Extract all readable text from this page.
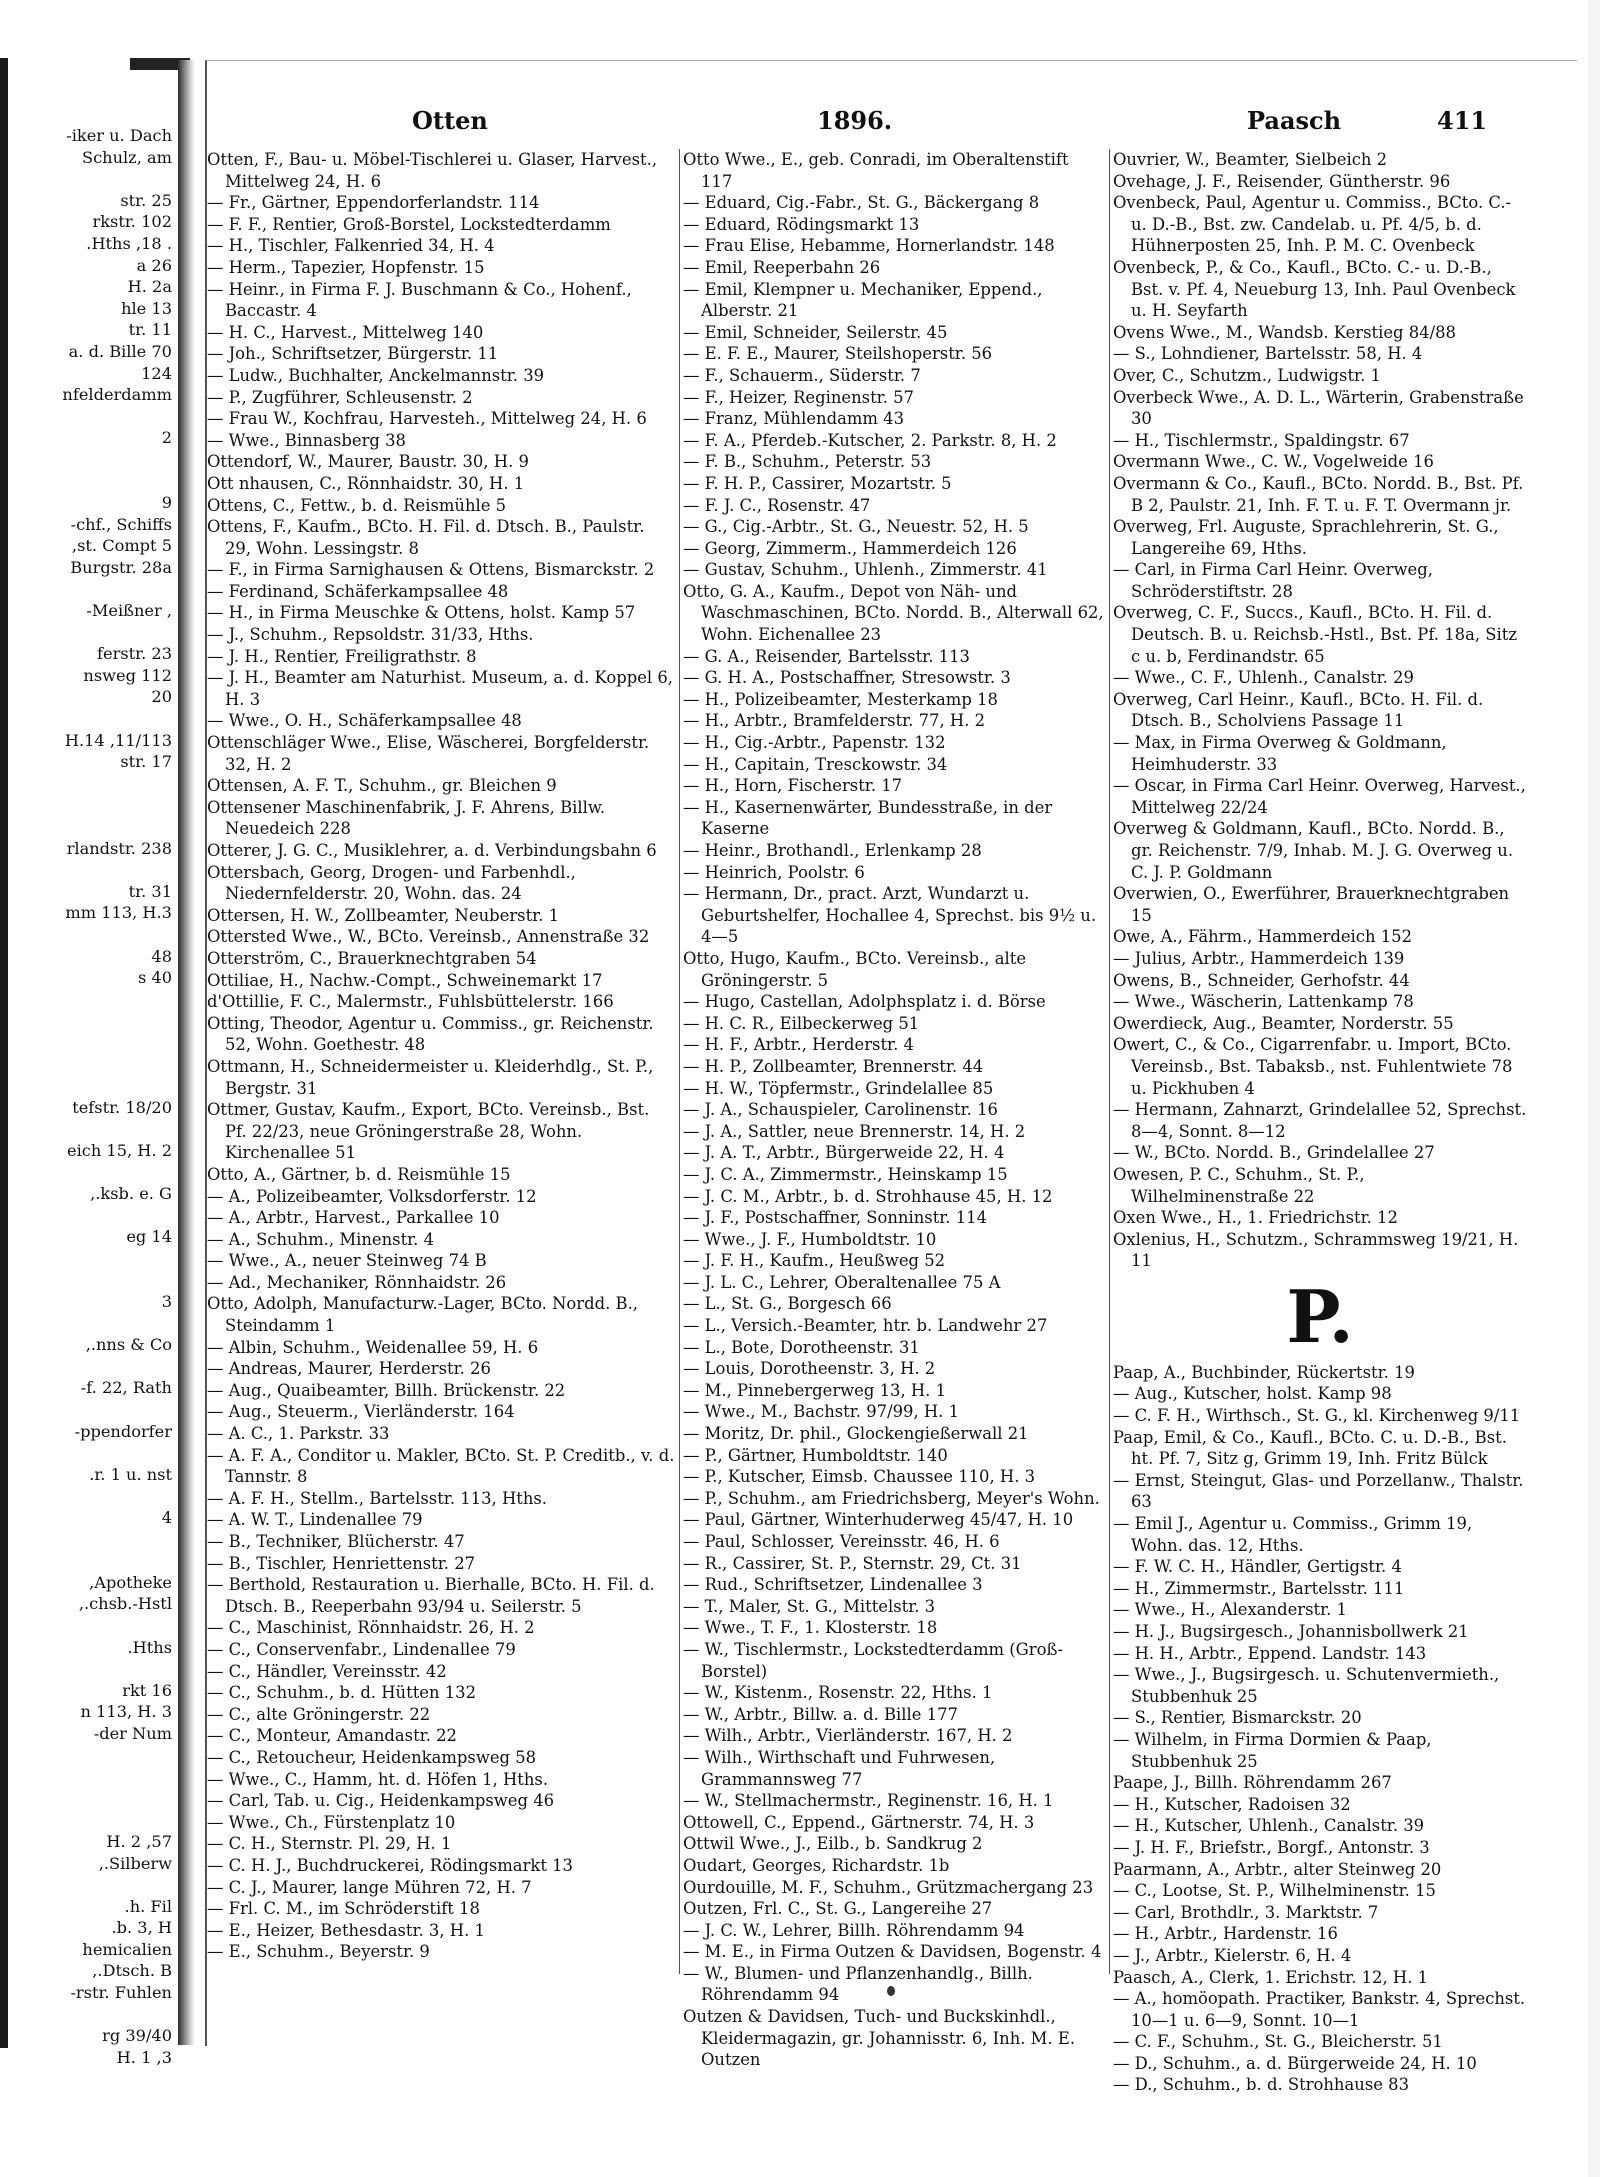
iker u. Dach-
Schulz, am

str. 25
rkstr. 102
. 18, Hths.
26 a
H. 2a
hle 13
tr. 11
a. d. Bille 70
124
nfelderdamm

2

9
chf., Schiffs-
st. Compt 5,
Burgstr. 28a

, Meißner-

ferstr. 23
nsweg 112
20

11/113, H.14
str. 17

rlandstr. 238

tr. 31
mm 113, H.3

48
s 40

tefstr. 18/20

eich 15, H. 2

ksb. e. G.,

eg 14

3

nns & Co.,

f. 22, Rath-

ppendorfer-

r. 1 u. nst.

4

Apotheke,
chsb.-Hstl.,

Hths.

rkt 16
n 113, H. 3
der Num-

57, H. 2
Silberw.,

h. Fil.
b. 3, H.
hemicalien
Dtsch. B.,
rstr. Fuhlen-

rg 39/40
3, H. 1
Otten	1896.	Paasch	411

Otten, F., Bau- u. Möbel-Tischlerei u. Glaser, Harvest., Mittelweg 24, H. 6

— Fr., Gärtner, Eppendorferlandstr. 114

— F. F., Rentier, Groß-Borstel, Lockstedterdamm

— H., Tischler, Falkenried 34, H. 4

— Herm., Tapezier, Hopfenstr. 15

— Heinr., in Firma F. J. Buschmann & Co., Hohenf., Baccastr. 4

— H. C., Harvest., Mittelweg 140

— Joh., Schriftsetzer, Bürgerstr. 11

— Ludw., Buchhalter, Anckelmannstr. 39

— P., Zugführer, Schleusenstr. 2

— Frau W., Kochfrau, Harvesteh., Mittelweg 24, H. 6

— Wwe., Binnasberg 38

Ottendorf, W., Maurer, Baustr. 30, H. 9

Ott nhausen, C., Rönnhaidstr. 30, H. 1

Ottens, C., Fettw., b. d. Reismühle 5

Ottens, F., Kaufm., BCto. H. Fil. d. Dtsch. B., Paulstr. 29, Wohn. Lessingstr. 8

— F., in Firma Sarnighausen & Ottens, Bismarckstr. 2

— Ferdinand, Schäferkampsallee 48

— H., in Firma Meuschke & Ottens, holst. Kamp 57

— J., Schuhm., Repsoldstr. 31/33, Hths.

— J. H., Rentier, Freiligrathstr. 8

— J. H., Beamter am Naturhist. Museum, a. d. Koppel 6, H. 3

— Wwe., O. H., Schäferkampsallee 48

Ottenschläger Wwe., Elise, Wäscherei, Borgfelderstr. 32, H. 2

Ottensen, A. F. T., Schuhm., gr. Bleichen 9

Ottensener Maschinenfabrik, J. F. Ahrens, Billw. Neuedeich 228

Otterer, J. G. C., Musiklehrer, a. d. Verbindungsbahn 6

Ottersbach, Georg, Drogen- und Farbenhdl., Niedernfelderstr. 20, Wohn. das. 24

Ottersen, H. W., Zollbeamter, Neuberstr. 1

Ottersted Wwe., W., BCto. Vereinsb., Annenstraße 32

Otterström, C., Brauerknechtgraben 54

Ottiliae, H., Nachw.-Compt., Schweinemarkt 17

d'Ottillie, F. C., Malermstr., Fuhlsbüttelerstr. 166

Otting, Theodor, Agentur u. Commiss., gr. Reichenstr. 52, Wohn. Goethestr. 48

Ottmann, H., Schneidermeister u. Kleiderhdlg., St. P., Bergstr. 31

Ottmer, Gustav, Kaufm., Export, BCto. Vereinsb., Bst. Pf. 22/23, neue Gröningerstraße 28, Wohn. Kirchenallee 51

Otto, A., Gärtner, b. d. Reismühle 15

— A., Polizeibeamter, Volksdorferstr. 12

— A., Arbtr., Harvest., Parkallee 10

— A., Schuhm., Minenstr. 4

— Wwe., A., neuer Steinweg 74 B

— Ad., Mechaniker, Rönnhaidstr. 26

Otto, Adolph, Manufacturw.-Lager, BCto. Nordd. B., Steindamm 1

— Albin, Schuhm., Weidenallee 59, H. 6

— Andreas, Maurer, Herderstr. 26

— Aug., Quaibeamter, Billh. Brückenstr. 22

— Aug., Steuerm., Vierländerstr. 164

— A. C., 1. Parkstr. 33

— A. F. A., Conditor u. Makler, BCto. St. P. Creditb., v. d. Tannstr. 8

— A. F. H., Stellm., Bartelsstr. 113, Hths.

— A. W. T., Lindenallee 79

— B., Techniker, Blücherstr. 47

— B., Tischler, Henriettenstr. 27

— Berthold, Restauration u. Bierhalle, BCto. H. Fil. d. Dtsch. B., Reeperbahn 93/94 u. Seilerstr. 5

— C., Maschinist, Rönnhaidstr. 26, H. 2

— C., Conservenfabr., Lindenallee 79

— C., Händler, Vereinsstr. 42

— C., Schuhm., b. d. Hütten 132

— C., alte Gröningerstr. 22

— C., Monteur, Amandastr. 22

— C., Retoucheur, Heidenkampsweg 58

— Wwe., C., Hamm, ht. d. Höfen 1, Hths.

— Carl, Tab. u. Cig., Heidenkampsweg 46

— Wwe., Ch., Fürstenplatz 10

— C. H., Sternstr. Pl. 29, H. 1

— C. H. J., Buchdruckerei, Rödingsmarkt 13

— C. J., Maurer, lange Mühren 72, H. 7

— Frl. C. M., im Schröderstift 18

— E., Heizer, Bethesdastr. 3, H. 1

— E., Schuhm., Beyerstr. 9

Otto Wwe., E., geb. Conradi, im Oberaltenstift 117

— Eduard, Cig.-Fabr., St. G., Bäckergang 8

— Eduard, Rödingsmarkt 13

— Frau Elise, Hebamme, Hornerlandstr. 148

— Emil, Reeperbahn 26

— Emil, Klempner u. Mechaniker, Eppend., Alberstr. 21

— Emil, Schneider, Seilerstr. 45

— E. F. E., Maurer, Steilshoperstr. 56

— F., Schauerm., Süderstr. 7

— F., Heizer, Reginenstr. 57

— Franz, Mühlendamm 43

— F. A., Pferdeb.-Kutscher, 2. Parkstr. 8, H. 2

— F. B., Schuhm., Peterstr. 53

— F. H. P., Cassirer, Mozartstr. 5

— F. J. C., Rosenstr. 47

— G., Cig.-Arbtr., St. G., Neuestr. 52, H. 5

— Georg, Zimmerm., Hammerdeich 126

— Gustav, Schuhm., Uhlenh., Zimmerstr. 41

Otto, G. A., Kaufm., Depot von Näh- und Waschmaschinen, BCto. Nordd. B., Alterwall 62, Wohn. Eichenallee 23

— G. A., Reisender, Bartelsstr. 113

— G. H. A., Postschaffner, Stresowstr. 3

— H., Polizeibeamter, Mesterkamp 18

— H., Arbtr., Bramfelderstr. 77, H. 2

— H., Cig.-Arbtr., Papenstr. 132

— H., Capitain, Tresckowstr. 34

— H., Horn, Fischerstr. 17

— H., Kasernenwärter, Bundesstraße, in der Kaserne

— Heinr., Brothandl., Erlenkamp 28

— Heinrich, Poolstr. 6

— Hermann, Dr., pract. Arzt, Wundarzt u. Geburtshelfer, Hochallee 4, Sprechst. bis 9½ u. 4—5

Otto, Hugo, Kaufm., BCto. Vereinsb., alte Gröningerstr. 5

— Hugo, Castellan, Adolphsplatz i. d. Börse

— H. C. R., Eilbeckerweg 51

— H. F., Arbtr., Herderstr. 4

— H. P., Zollbeamter, Brennerstr. 44

— H. W., Töpfermstr., Grindelallee 85

— J. A., Schauspieler, Carolinenstr. 16

— J. A., Sattler, neue Brennerstr. 14, H. 2

— J. A. T., Arbtr., Bürgerweide 22, H. 4

— J. C. A., Zimmermstr., Heinskamp 15

— J. C. M., Arbtr., b. d. Strohhause 45, H. 12

— J. F., Postschaffner, Sonninstr. 114

— Wwe., J. F., Humboldtstr. 10

— J. F. H., Kaufm., Heußweg 52

— J. L. C., Lehrer, Oberaltenallee 75 A

— L., St. G., Borgesch 66

— L., Versich.-Beamter, htr. b. Landwehr 27

— L., Bote, Dorotheenstr. 31

— Louis, Dorotheenstr. 3, H. 2

— M., Pinnebergerweg 13, H. 1

— Wwe., M., Bachstr. 97/99, H. 1

— Moritz, Dr. phil., Glockengießerwall 21

— P., Gärtner, Humboldtstr. 140

— P., Kutscher, Eimsb. Chaussee 110, H. 3

— P., Schuhm., am Friedrichsberg, Meyer's Wohn.

— Paul, Gärtner, Winterhuderweg 45/47, H. 10

— Paul, Schlosser, Vereinsstr. 46, H. 6

— R., Cassirer, St. P., Sternstr. 29, Ct. 31

— Rud., Schriftsetzer, Lindenallee 3

— T., Maler, St. G., Mittelstr. 3

— Wwe., T. F., 1. Klosterstr. 18

— W., Tischlermstr., Lockstedterdamm (Groß-Borstel)

— W., Kistenm., Rosenstr. 22, Hths. 1

— W., Arbtr., Billw. a. d. Bille 177

— Wilh., Arbtr., Vierländerstr. 167, H. 2

— Wilh., Wirthschaft und Fuhrwesen, Grammannsweg 77

— W., Stellmachermstr., Reginenstr. 16, H. 1

Ottowell, C., Eppend., Gärtnerstr. 74, H. 3

Ottwil Wwe., J., Eilb., b. Sandkrug 2

Oudart, Georges, Richardstr. 1b

Ourdouille, M. F., Schuhm., Grützmachergang 23

Outzen, Frl. C., St. G., Langereihe 27

— J. C. W., Lehrer, Billh. Röhrendamm 94

— M. E., in Firma Outzen & Davidsen, Bogenstr. 4

— W., Blumen- und Pflanzenhandlg., Billh. Röhrendamm 94

Outzen & Davidsen, Tuch- und Buckskinhdl., Kleidermagazin, gr. Johannisstr. 6, Inh. M. E. Outzen

Ouvrier, W., Beamter, Sielbeich 2

Ovehage, J. F., Reisender, Güntherstr. 96

Ovenbeck, Paul, Agentur u. Commiss., BCto. C.- u. D.-B., Bst. zw. Candelab. u. Pf. 4/5, b. d. Hühnerposten 25, Inh. P. M. C. Ovenbeck

Ovenbeck, P., & Co., Kaufl., BCto. C.- u. D.-B., Bst. v. Pf. 4, Neueburg 13, Inh. Paul Ovenbeck u. H. Seyfarth

Ovens Wwe., M., Wandsb. Kerstieg 84/88

— S., Lohndiener, Bartelsstr. 58, H. 4

Over, C., Schutzm., Ludwigstr. 1

Overbeck Wwe., A. D. L., Wärterin, Grabenstraße 30

— H., Tischlermstr., Spaldingstr. 67

Overmann Wwe., C. W., Vogelweide 16

Overmann & Co., Kaufl., BCto. Nordd. B., Bst. Pf. B 2, Paulstr. 21, Inh. F. T. u. F. T. Overmann jr.

Overweg, Frl. Auguste, Sprachlehrerin, St. G., Langereihe 69, Hths.

— Carl, in Firma Carl Heinr. Overweg, Schröderstiftstr. 28

Overweg, C. F., Succs., Kaufl., BCto. H. Fil. d. Deutsch. B. u. Reichsb.-Hstl., Bst. Pf. 18a, Sitz c u. b, Ferdinandstr. 65

— Wwe., C. F., Uhlenh., Canalstr. 29

Overweg, Carl Heinr., Kaufl., BCto. H. Fil. d. Dtsch. B., Scholviens Passage 11

— Max, in Firma Overweg & Goldmann, Heimhuderstr. 33

— Oscar, in Firma Carl Heinr. Overweg, Harvest., Mittelweg 22/24

Overweg & Goldmann, Kaufl., BCto. Nordd. B., gr. Reichenstr. 7/9, Inhab. M. J. G. Overweg u. C. J. P. Goldmann

Overwien, O., Ewerführer, Brauerknechtgraben 15

Owe, A., Fährm., Hammerdeich 152

— Julius, Arbtr., Hammerdeich 139

Owens, B., Schneider, Gerhofstr. 44

— Wwe., Wäscherin, Lattenkamp 78

Owerdieck, Aug., Beamter, Norderstr. 55

Owert, C., & Co., Cigarrenfabr. u. Import, BCto. Vereinsb., Bst. Tabaksb., nst. Fuhlentwiete 78 u. Pickhuben 4

— Hermann, Zahnarzt, Grindelallee 52, Sprechst. 8—4, Sonnt. 8—12

— W., BCto. Nordd. B., Grindelallee 27

Owesen, P. C., Schuhm., St. P., Wilhelminenstraße 22

Oxen Wwe., H., 1. Friedrichstr. 12

Oxlenius, H., Schutzm., Schrammsweg 19/21, H. 11

P.

Paap, A., Buchbinder, Rückertstr. 19

— Aug., Kutscher, holst. Kamp 98

— C. F. H., Wirthsch., St. G., kl. Kirchenweg 9/11

Paap, Emil, & Co., Kaufl., BCto. C. u. D.-B., Bst. ht. Pf. 7, Sitz g, Grimm 19, Inh. Fritz Bülck

— Ernst, Steingut, Glas- und Porzellanw., Thalstr. 63

— Emil J., Agentur u. Commiss., Grimm 19, Wohn. das. 12, Hths.

— F. W. C. H., Händler, Gertigstr. 4

— H., Zimmermstr., Bartelsstr. 111

— Wwe., H., Alexanderstr. 1

— H. J., Bugsirgesch., Johannisbollwerk 21

— H. H., Arbtr., Eppend. Landstr. 143

— Wwe., J., Bugsirgesch. u. Schutenvermieth., Stubbenhuk 25

— S., Rentier, Bismarckstr. 20

— Wilhelm, in Firma Dormien & Paap, Stubbenhuk 25

Paape, J., Billh. Röhrendamm 267

— H., Kutscher, Radoisen 32

— H., Kutscher, Uhlenh., Canalstr. 39

— J. H. F., Briefstr., Borgf., Antonstr. 3

Paarmann, A., Arbtr., alter Steinweg 20

— C., Lootse, St. P., Wilhelminenstr. 15

— Carl, Brothdlr., 3. Marktstr. 7

— H., Arbtr., Hardenstr. 16

— J., Arbtr., Kielerstr. 6, H. 4

Paasch, A., Clerk, 1. Erichstr. 12, H. 1

— A., homöopath. Practiker, Bankstr. 4, Sprechst. 10—1 u. 6—9, Sonnt. 10—1

— C. F., Schuhm., St. G., Bleicherstr. 51

— D., Schuhm., a. d. Bürgerweide 24, H. 10

— D., Schuhm., b. d. Strohhause 83
